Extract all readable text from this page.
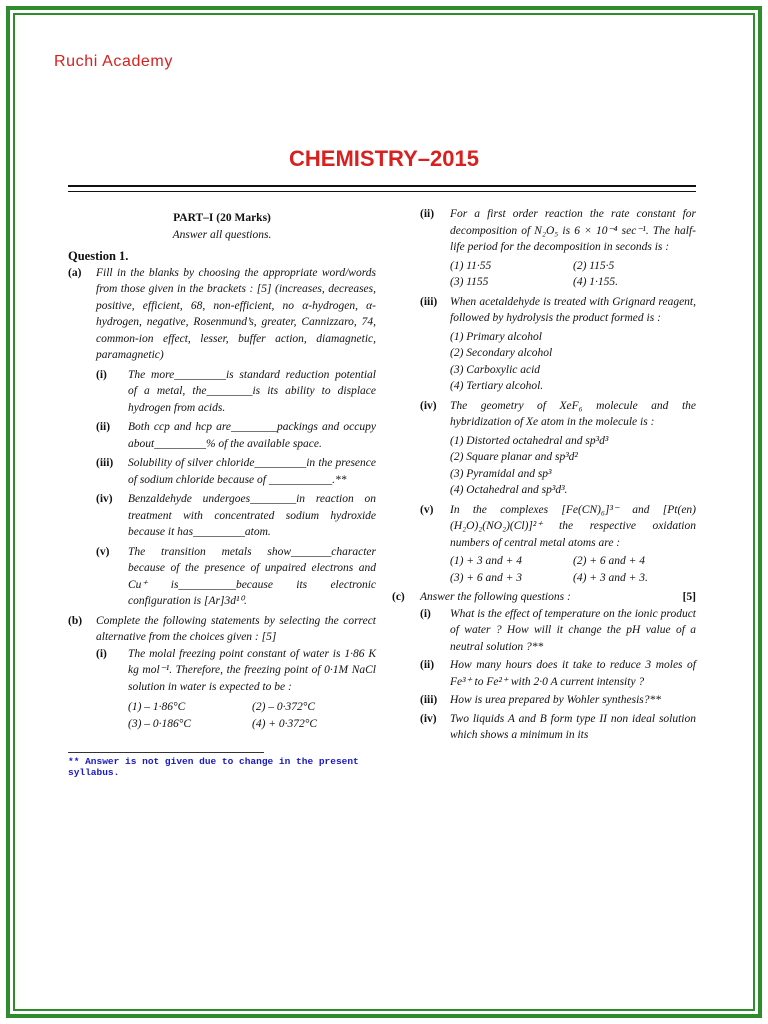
Ruchi Academy
CHEMISTRY–2015
PART–I (20 Marks)
Answer all questions.
Question 1.
(a)	Fill in the blanks by choosing the appropriate word/words from those given in the brackets : [5] (increases, decreases, positive, efficient, 68, non-efficient, no α-hydrogen, α-hydrogen, negative, Rosenmund’s, greater, Cannizzaro, 74, common-ion effect, lesser, buffer action, diamagnetic, paramagnetic)
(i)	The more_________is standard reduction potential of a metal, the________is its ability to displace hydrogen from acids.
(ii)	Both ccp and hcp are________packings and occupy about_________% of the available space.
(iii)	Solubility of silver chloride_________in the presence of sodium chloride because of ___________.**
(iv)	Benzaldehyde undergoes________in reaction on treatment with concentrated sodium hydroxide because it has_________atom.
(v)	The transition metals show_______character because of the presence of unpaired electrons and Cu⁺ is__________because its electronic configuration is [Ar]3d¹⁰.
(b)	Complete the following statements by selecting the correct alternative from the choices given : [5]
(i)	The molal freezing point constant of water is 1·86 K kg mol⁻¹. Therefore, the freezing point of 0·1M NaCl solution in water is expected to be :
(1) – 1·86°C	(2) – 0·372°C
(3) – 0·186°C	(4) + 0·372°C
** Answer is not given due to change in the present syllabus.
(ii)	For a first order reaction the rate constant for decomposition of N₂O₅ is 6 × 10⁻⁴ sec⁻¹. The half-life period for the decomposition in seconds is :
(1) 11·55	(2) 115·5
(3) 1155	(4) 1·155.
(iii)	When acetaldehyde is treated with Grignard reagent, followed by hydrolysis the product formed is :
(1) Primary alcohol
(2) Secondary alcohol
(3) Carboxylic acid
(4) Tertiary alcohol.
(iv)	The geometry of XeF₆ molecule and the hybridization of Xe atom in the molecule is :
(1) Distorted octahedral and sp³d³
(2) Square planar and sp³d²
(3) Pyramidal and sp³
(4) Octahedral and sp³d³.
(v)	In the complexes [Fe(CN)₆]³⁻ and [Pt(en)(H₂O)₂(NO₂)(Cl)]²⁺ the respective oxidation numbers of central metal atoms are :
(1) + 3 and + 4	(2) + 6 and + 4
(3) + 6 and + 3	(4) + 3 and + 3.
(c)	Answer the following questions :	[5]
(i)	What is the effect of temperature on the ionic product of water ? How will it change the pH value of a neutral solution ?**
(ii)	How many hours does it take to reduce 3 moles of Fe³⁺ to Fe²⁺ with 2·0 A current intensity ?
(iii)	How is urea prepared by Wohler synthesis?**
(iv)	Two liquids A and B form type II non ideal solution which shows a minimum in its
